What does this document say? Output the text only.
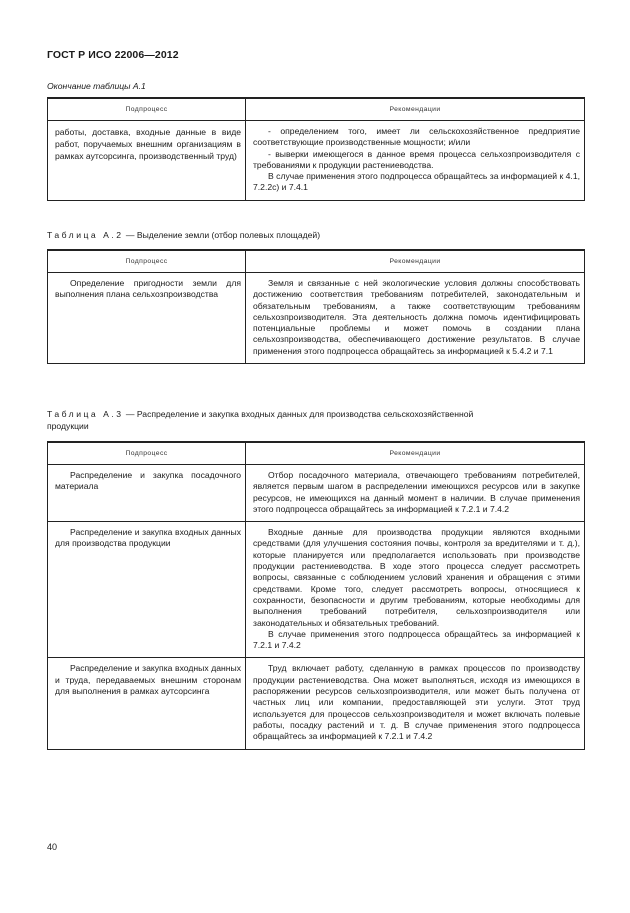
ГОСТ Р ИСО 22006—2012
Окончание таблицы А.1
Подпроцесс	Рекомендации

работы, доставка, входные данные в виде работ, поручаемых внешним организациям в рамках аутсорсинга, производственный труд)	- определением того, имеет ли сельскохозяйственное предприятие соответствующие производственные мощности; и/или

- выверки имеющегося в данное время процесса сельхозпроизводителя с требованиями к продукции растениеводства.

В случае применения этого подпроцесса обращайтесь за информацией к 4.1, 7.2.2c) и 7.4.1

Таблица А.2 — Выделение земли (отбор полевых площадей)
Подпроцесс	Рекомендации

Определение пригодности земли для выполнения плана сельхозпроизводства	Земля и связанные с ней экологические условия должны способствовать достижению соответствия требованиям потребителей, законодательным и обязательным требованиям, а также соответствующим требованиям сельхозпроизводителя. Эта деятельность должна помочь идентифицировать потенциальные проблемы и может помочь в создании плана сельхозпроизводства, обеспечивающего достижение результатов. В случае применения этого подпроцесса обращайтесь за информацией к 5.4.2 и 7.1

Таблица А.3 — Распределение и закупка входных данных для производства сельскохозяйственной
продукции
Подпроцесс	Рекомендации

Распределение и закупка посадочного материала	Отбор посадочного материала, отвечающего требованиям потребителей, является первым шагом в распределении имеющихся ресурсов или в закупке ресурсов, не имеющихся на данный момент в наличии. В случае применения этого подпроцесса обращайтесь за информацией к 7.2.1 и 7.4.2

Распределение и закупка входных данных для производства продукции	Входные данные для производства продукции являются входными средствами (для улучшения состояния почвы, контроля за вредителями и т. д.), которые планируется или предполагается использовать при производстве продукции растениеводства. В ходе этого процесса следует рассмотреть вопросы, связанные с соблюдением условий хранения и обращения с этими средствами. Кроме того, следует рассмотреть вопросы, относящиеся к сохранности, безопасности и другим требованиям, которые необходимы для выполнения требований потребителя, сельхозпроизводителя или законодательных и обязательных требований.

В случае применения этого подпроцесса обращайтесь за информацией к 7.2.1 и 7.4.2

Распределение и закупка входных данных и труда, передаваемых внешним сторонам для выполнения в рамках аутсорсинга	Труд включает работу, сделанную в рамках процессов по производству продукции растениеводства. Она может выполняться, исходя из имеющихся в распоряжении ресурсов сельхозпроизводителя, или может быть получена от частных лиц или компании, предоставляющей эти услуги. Этот труд используется для процессов сельхозпроизводителя и может включать полевые работы, посадку растений и т. д. В случае применения этого подпроцесса обращайтесь за информацией к 7.2.1 и 7.4.2

40
